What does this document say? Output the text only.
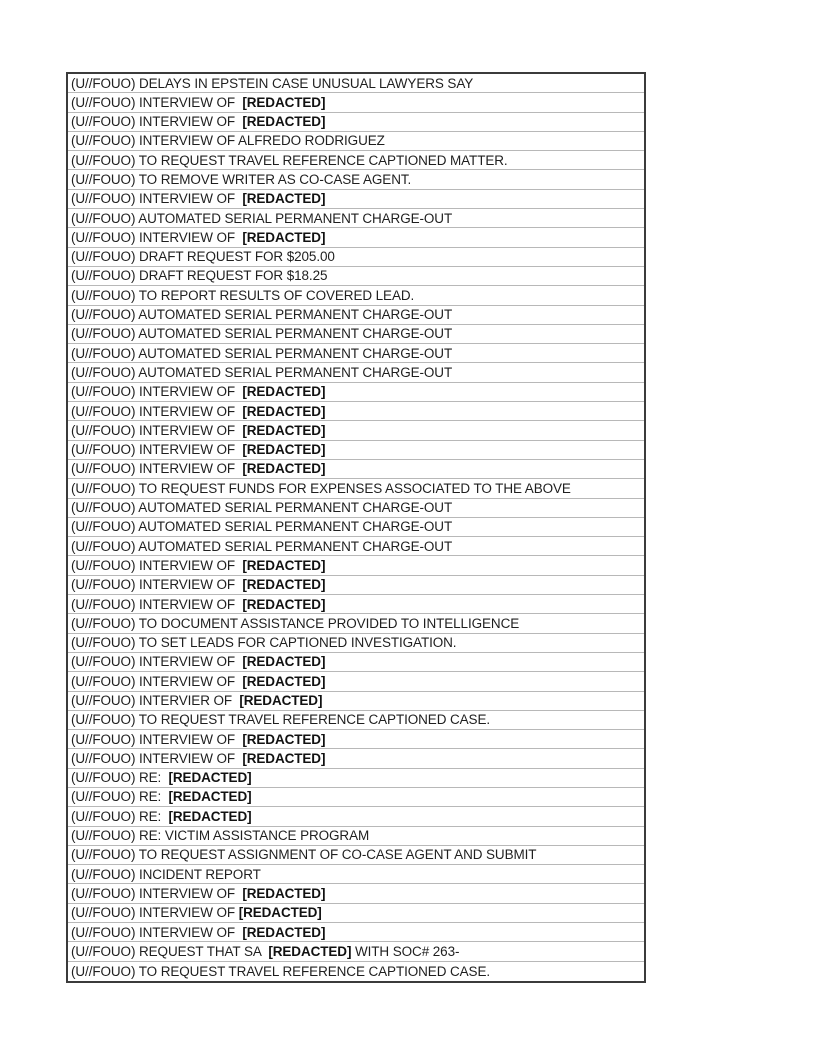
(U//FOUO) DELAYS IN EPSTEIN CASE UNUSUAL LAWYERS SAY
(U//FOUO) INTERVIEW OF  [REDACTED]
(U//FOUO) INTERVIEW OF  [REDACTED]
(U//FOUO) INTERVIEW OF ALFREDO RODRIGUEZ
(U//FOUO) TO REQUEST TRAVEL REFERENCE CAPTIONED MATTER.
(U//FOUO) TO REMOVE WRITER AS CO-CASE AGENT.
(U//FOUO) INTERVIEW OF  [REDACTED]
(U//FOUO) AUTOMATED SERIAL PERMANENT CHARGE-OUT
(U//FOUO) INTERVIEW OF  [REDACTED]
(U//FOUO) DRAFT REQUEST FOR $205.00
(U//FOUO) DRAFT REQUEST FOR $18.25
(U//FOUO) TO REPORT RESULTS OF COVERED LEAD.
(U//FOUO) AUTOMATED SERIAL PERMANENT CHARGE-OUT
(U//FOUO) AUTOMATED SERIAL PERMANENT CHARGE-OUT
(U//FOUO) AUTOMATED SERIAL PERMANENT CHARGE-OUT
(U//FOUO) AUTOMATED SERIAL PERMANENT CHARGE-OUT
(U//FOUO) INTERVIEW OF  [REDACTED]
(U//FOUO) INTERVIEW OF  [REDACTED]
(U//FOUO) INTERVIEW OF  [REDACTED]
(U//FOUO) INTERVIEW OF  [REDACTED]
(U//FOUO) INTERVIEW OF  [REDACTED]
(U//FOUO) TO REQUEST FUNDS FOR EXPENSES ASSOCIATED TO THE ABOVE
(U//FOUO) AUTOMATED SERIAL PERMANENT CHARGE-OUT
(U//FOUO) AUTOMATED SERIAL PERMANENT CHARGE-OUT
(U//FOUO) AUTOMATED SERIAL PERMANENT CHARGE-OUT
(U//FOUO) INTERVIEW OF  [REDACTED]
(U//FOUO) INTERVIEW OF  [REDACTED]
(U//FOUO) INTERVIEW OF  [REDACTED]
(U//FOUO) TO DOCUMENT ASSISTANCE PROVIDED TO INTELLIGENCE
(U//FOUO) TO SET LEADS FOR CAPTIONED INVESTIGATION.
(U//FOUO) INTERVIEW OF  [REDACTED]
(U//FOUO) INTERVIEW OF  [REDACTED]
(U//FOUO) INTERVIER OF  [REDACTED]
(U//FOUO) TO REQUEST TRAVEL REFERENCE CAPTIONED CASE.
(U//FOUO) INTERVIEW OF  [REDACTED]
(U//FOUO) INTERVIEW OF  [REDACTED]
(U//FOUO) RE:  [REDACTED]
(U//FOUO) RE:  [REDACTED]
(U//FOUO) RE:  [REDACTED]
(U//FOUO) RE: VICTIM ASSISTANCE PROGRAM
(U//FOUO) TO REQUEST ASSIGNMENT OF CO-CASE AGENT AND SUBMIT
(U//FOUO) INCIDENT REPORT
(U//FOUO) INTERVIEW OF  [REDACTED]
(U//FOUO) INTERVIEW OF [REDACTED]
(U//FOUO) INTERVIEW OF  [REDACTED]
(U//FOUO) REQUEST THAT SA  [REDACTED] WITH SOC# 263-
(U//FOUO) TO REQUEST TRAVEL REFERENCE CAPTIONED CASE.
